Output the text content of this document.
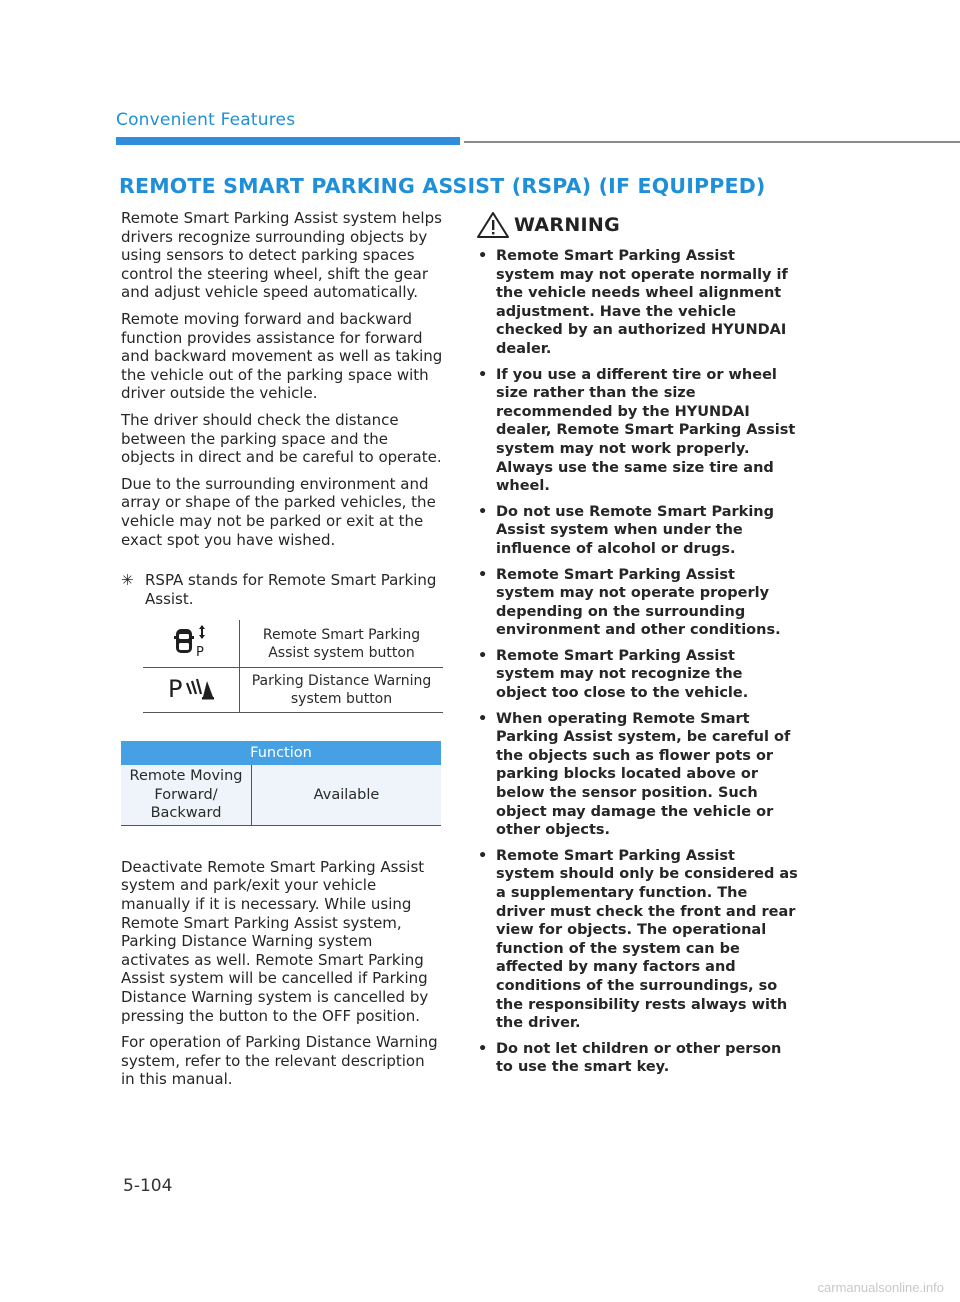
Convenient Features
REMOTE SMART PARKING ASSIST (RSPA) (IF EQUIPPED)

Remote Smart Parking Assist system helps drivers recognize surrounding objects by using sensors to detect parking spaces control the steering wheel, shift the gear and adjust vehicle speed automatically.

Remote moving forward and backward function provides assistance for forward and backward movement as well as taking the vehicle out of the parking space with driver outside the vehicle.

The driver should check the distance between the parking space and the objects in direct and be careful to operate.

Due to the surrounding environment and array or shape of the parked vehicles, the vehicle may not be parked or exit at the exact spot you have wished.

✳ RSPA stands for Remote Smart Parking Assist.
P	Remote Smart Parking Assist system button

P	Parking Distance Warning system button
Function
Remote Moving Forward/ Backward	Available

Deactivate Remote Smart Parking Assist system and park/exit your vehicle manually if it is necessary. While using Remote Smart Parking Assist system, Parking Distance Warning system activates as well. Remote Smart Parking Assist system will be cancelled if Parking Distance Warning system is cancelled by pressing the button to the OFF position.

For operation of Parking Distance Warning system, refer to the relevant description in this manual.

WARNING
• Remote Smart Parking Assist system may not operate normally if the vehicle needs wheel alignment adjustment. Have the vehicle checked by an authorized HYUNDAI dealer.
• If you use a different tire or wheel size rather than the size recommended by the HYUNDAI dealer, Remote Smart Parking Assist system may not work properly. Always use the same size tire and wheel.
• Do not use Remote Smart Parking Assist system when under the influence of alcohol or drugs.
• Remote Smart Parking Assist system may not operate properly depending on the surrounding environment and other conditions.
• Remote Smart Parking Assist system may not recognize the object too close to the vehicle.
• When operating Remote Smart Parking Assist system, be careful of the objects such as flower pots or parking blocks located above or below the sensor position. Such object may damage the vehicle or other objects.
• Remote Smart Parking Assist system should only be considered as a supplementary function. The driver must check the front and rear view for objects. The operational function of the system can be affected by many factors and conditions of the surroundings, so the responsibility rests always with the driver.
• Do not let children or other person to use the smart key.
5-104
carmanualsonline.info
